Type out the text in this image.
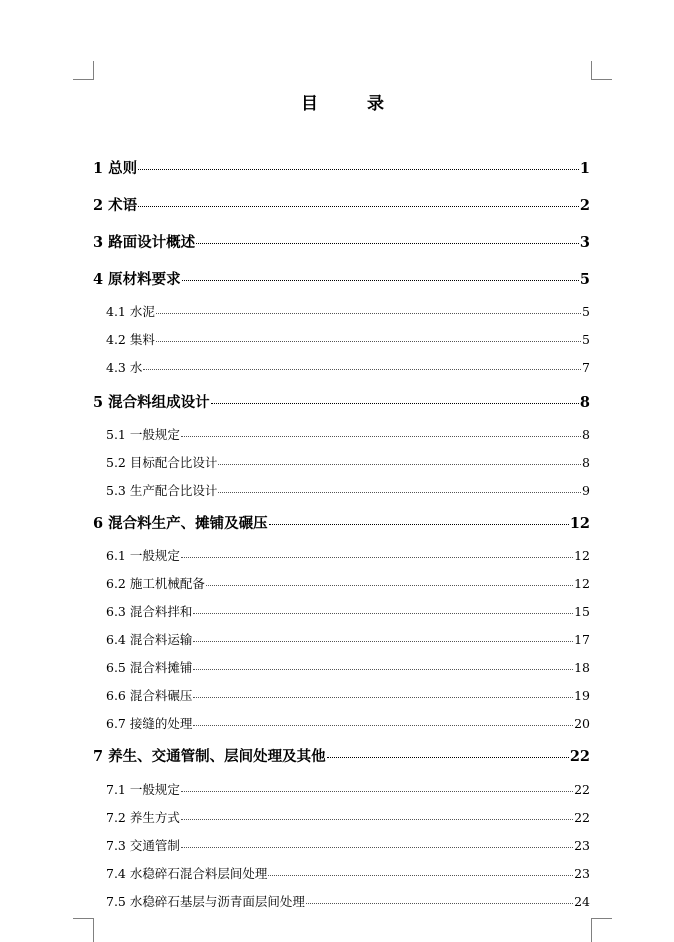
目	录
1 总则	1
2 术语	2
3 路面设计概述	3
4 原材料要求	5
4.1 水泥	5
4.2 集料	5
4.3 水	7
5 混合料组成设计	8
5.1 一般规定	8
5.2 目标配合比设计	8
5.3 生产配合比设计	9
6 混合料生产、摊铺及碾压	12
6.1 一般规定	12
6.2 施工机械配备	12
6.3 混合料拌和	15
6.4 混合料运输	17
6.5 混合料摊铺	18
6.6 混合料碾压	19
6.7 接缝的处理	20
7 养生、交通管制、层间处理及其他	22
7.1 一般规定	22
7.2 养生方式	22
7.3 交通管制	23
7.4 水稳碎石混合料层间处理	23
7.5 水稳碎石基层与沥青面层间处理	24
